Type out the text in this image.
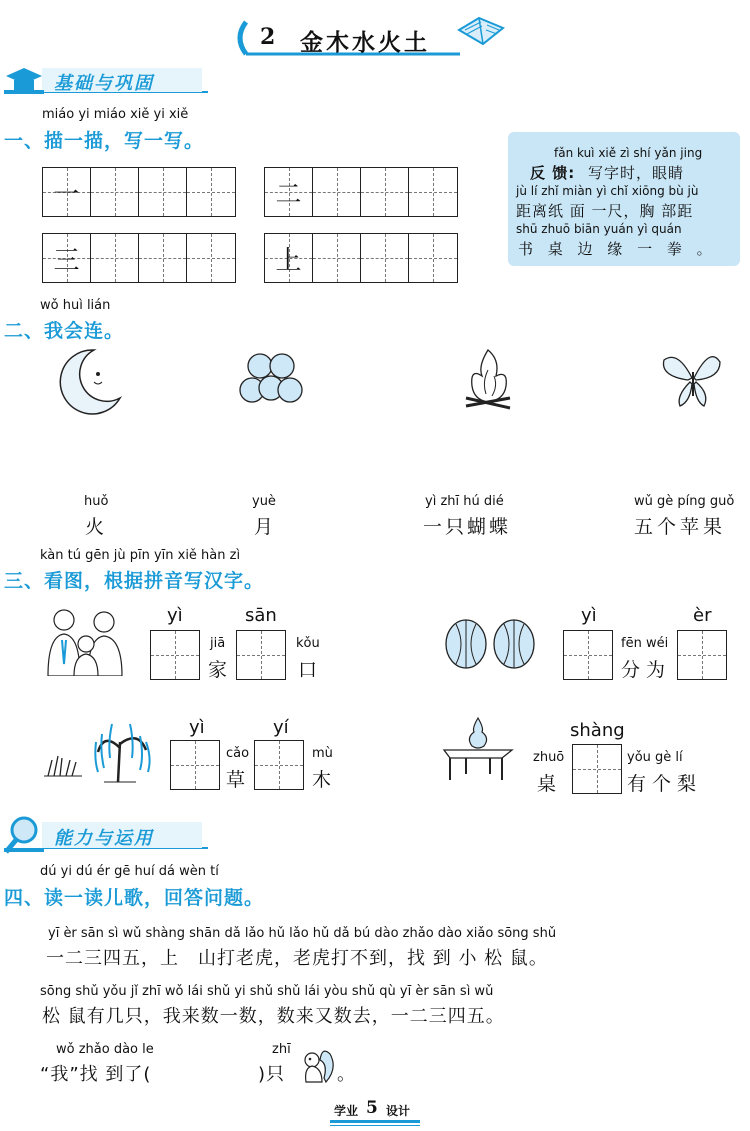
2 金木水火土
基础与巩固
miáo yi miáo xiě yi xiě
一、描一描，写一写。
一	二
三	上
fǎn kuì xiě zì shí yǎn jing
反 馈: 写字时，眼睛
jù lí zhǐ miàn yì chǐ xiōng bù jù
距离纸 面 一尺，胸 部距
shū zhuō biān yuán yì quán
书 桌 边 缘 一 拳 。
wǒ huì lián
二、我会连。
huǒ
火
yuè
月
yì zhī hú dié
一只蝴蝶
wǔ gè píng guǒ
五个苹果
kàn tú gēn jù pīn yīn xiě hàn zì
三、看图，根据拼音写汉字。
yì	sān
jiā
家
kǒu
口
yì	èr
fēn wéi
分为
yì	yí
cǎo
草
mù
木
shàng
zhuō
桌
yǒu gè lí
有个梨
能力与运用
dú yi dú ér gē huí dá wèn tí
四、读一读儿歌，回答问题。
yī èr sān sì wǔ shàng shān dǎ lǎo hǔ lǎo hǔ dǎ bú dào zhǎo dào xiǎo sōng shǔ
一二三四五，上　山打老虎，老虎打不到，找 到 小 松 鼠。
sōng shǔ yǒu jǐ zhī wǒ lái shǔ yi shǔ shǔ lái yòu shǔ qù yī èr sān sì wǔ
松 鼠有几只，我来数一数，数来又数去，一二三四五。
wǒ zhǎo dào le	zhī
“我”找 到了(	)只	。
学业 5 设计
